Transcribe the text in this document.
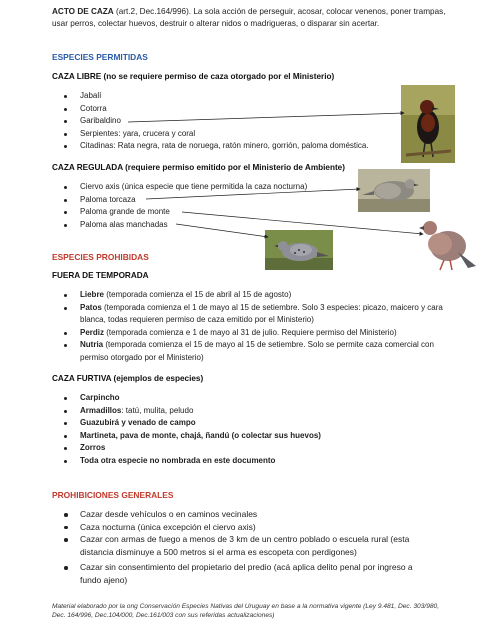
ACTO DE CAZA (art.2, Dec.164/996). La sola acción de perseguir, acosar, colocar venenos, poner trampas, usar perros, colectar huevos, destruir o alterar nidos o madrigueras, o disparar sin acertar.
ESPECIES PERMITIDAS
CAZA LIBRE (no se requiere permiso de caza otorgado por el Ministerio)
Jabalí
Cotorra
Garibaldino
Serpientes: yara, crucera y coral
Citadinas: Rata negra, rata de noruega, ratón minero, gorrión, paloma doméstica.
CAZA REGULADA (requiere permiso emitido por el Ministerio de Ambiente)
Ciervo axis (única especie que tiene permitida la caza nocturna)
Paloma torcaza
Paloma grande de monte
Paloma alas manchadas
ESPECIES PROHIBIDAS
FUERA DE TEMPORADA
Liebre (temporada comienza el 15 de abril al 15 de agosto)
Patos (temporada comienza el 1 de mayo al 15 de setiembre. Solo 3 especies: picazo, maicero y cara blanca, todas requieren permiso de caza emitido por el Ministerio)
Perdiz (temporada comienza e 1 de mayo al 31 de julio. Requiere permiso del Ministerio)
Nutria (temporada comienza el 15 de mayo al 15 de setiembre. Solo se permite caza comercial con permiso otorgado por el Ministerio)
CAZA FURTIVA (ejemplos de especies)
Carpincho
Armadillos: tatú, mulita, peludo
Guazubirá y venado de campo
Martineta, pava de monte, chajá, ñandú (o colectar sus huevos)
Zorros
Toda otra especie no nombrada en este documento
PROHIBICIONES GENERALES
Cazar desde vehículos o en caminos vecinales
Caza nocturna (única excepción el ciervo axis)
Cazar con armas de fuego a menos de 3 km de un centro poblado o escuela rural (esta distancia disminuye a 500 metros si el arma es escopeta con perdigones)
Cazar sin consentimiento del propietario del predio (acá aplica delito penal por ingreso a fundo ajeno)
Material elaborado por la ong Conservación Especies Nativas del Uruguay en base a la normativa vigente (Ley 9.481, Dec. 303/980, Dec. 164/996, Dec.104/000, Dec.161/003 con sus referidas actualizaciones)
